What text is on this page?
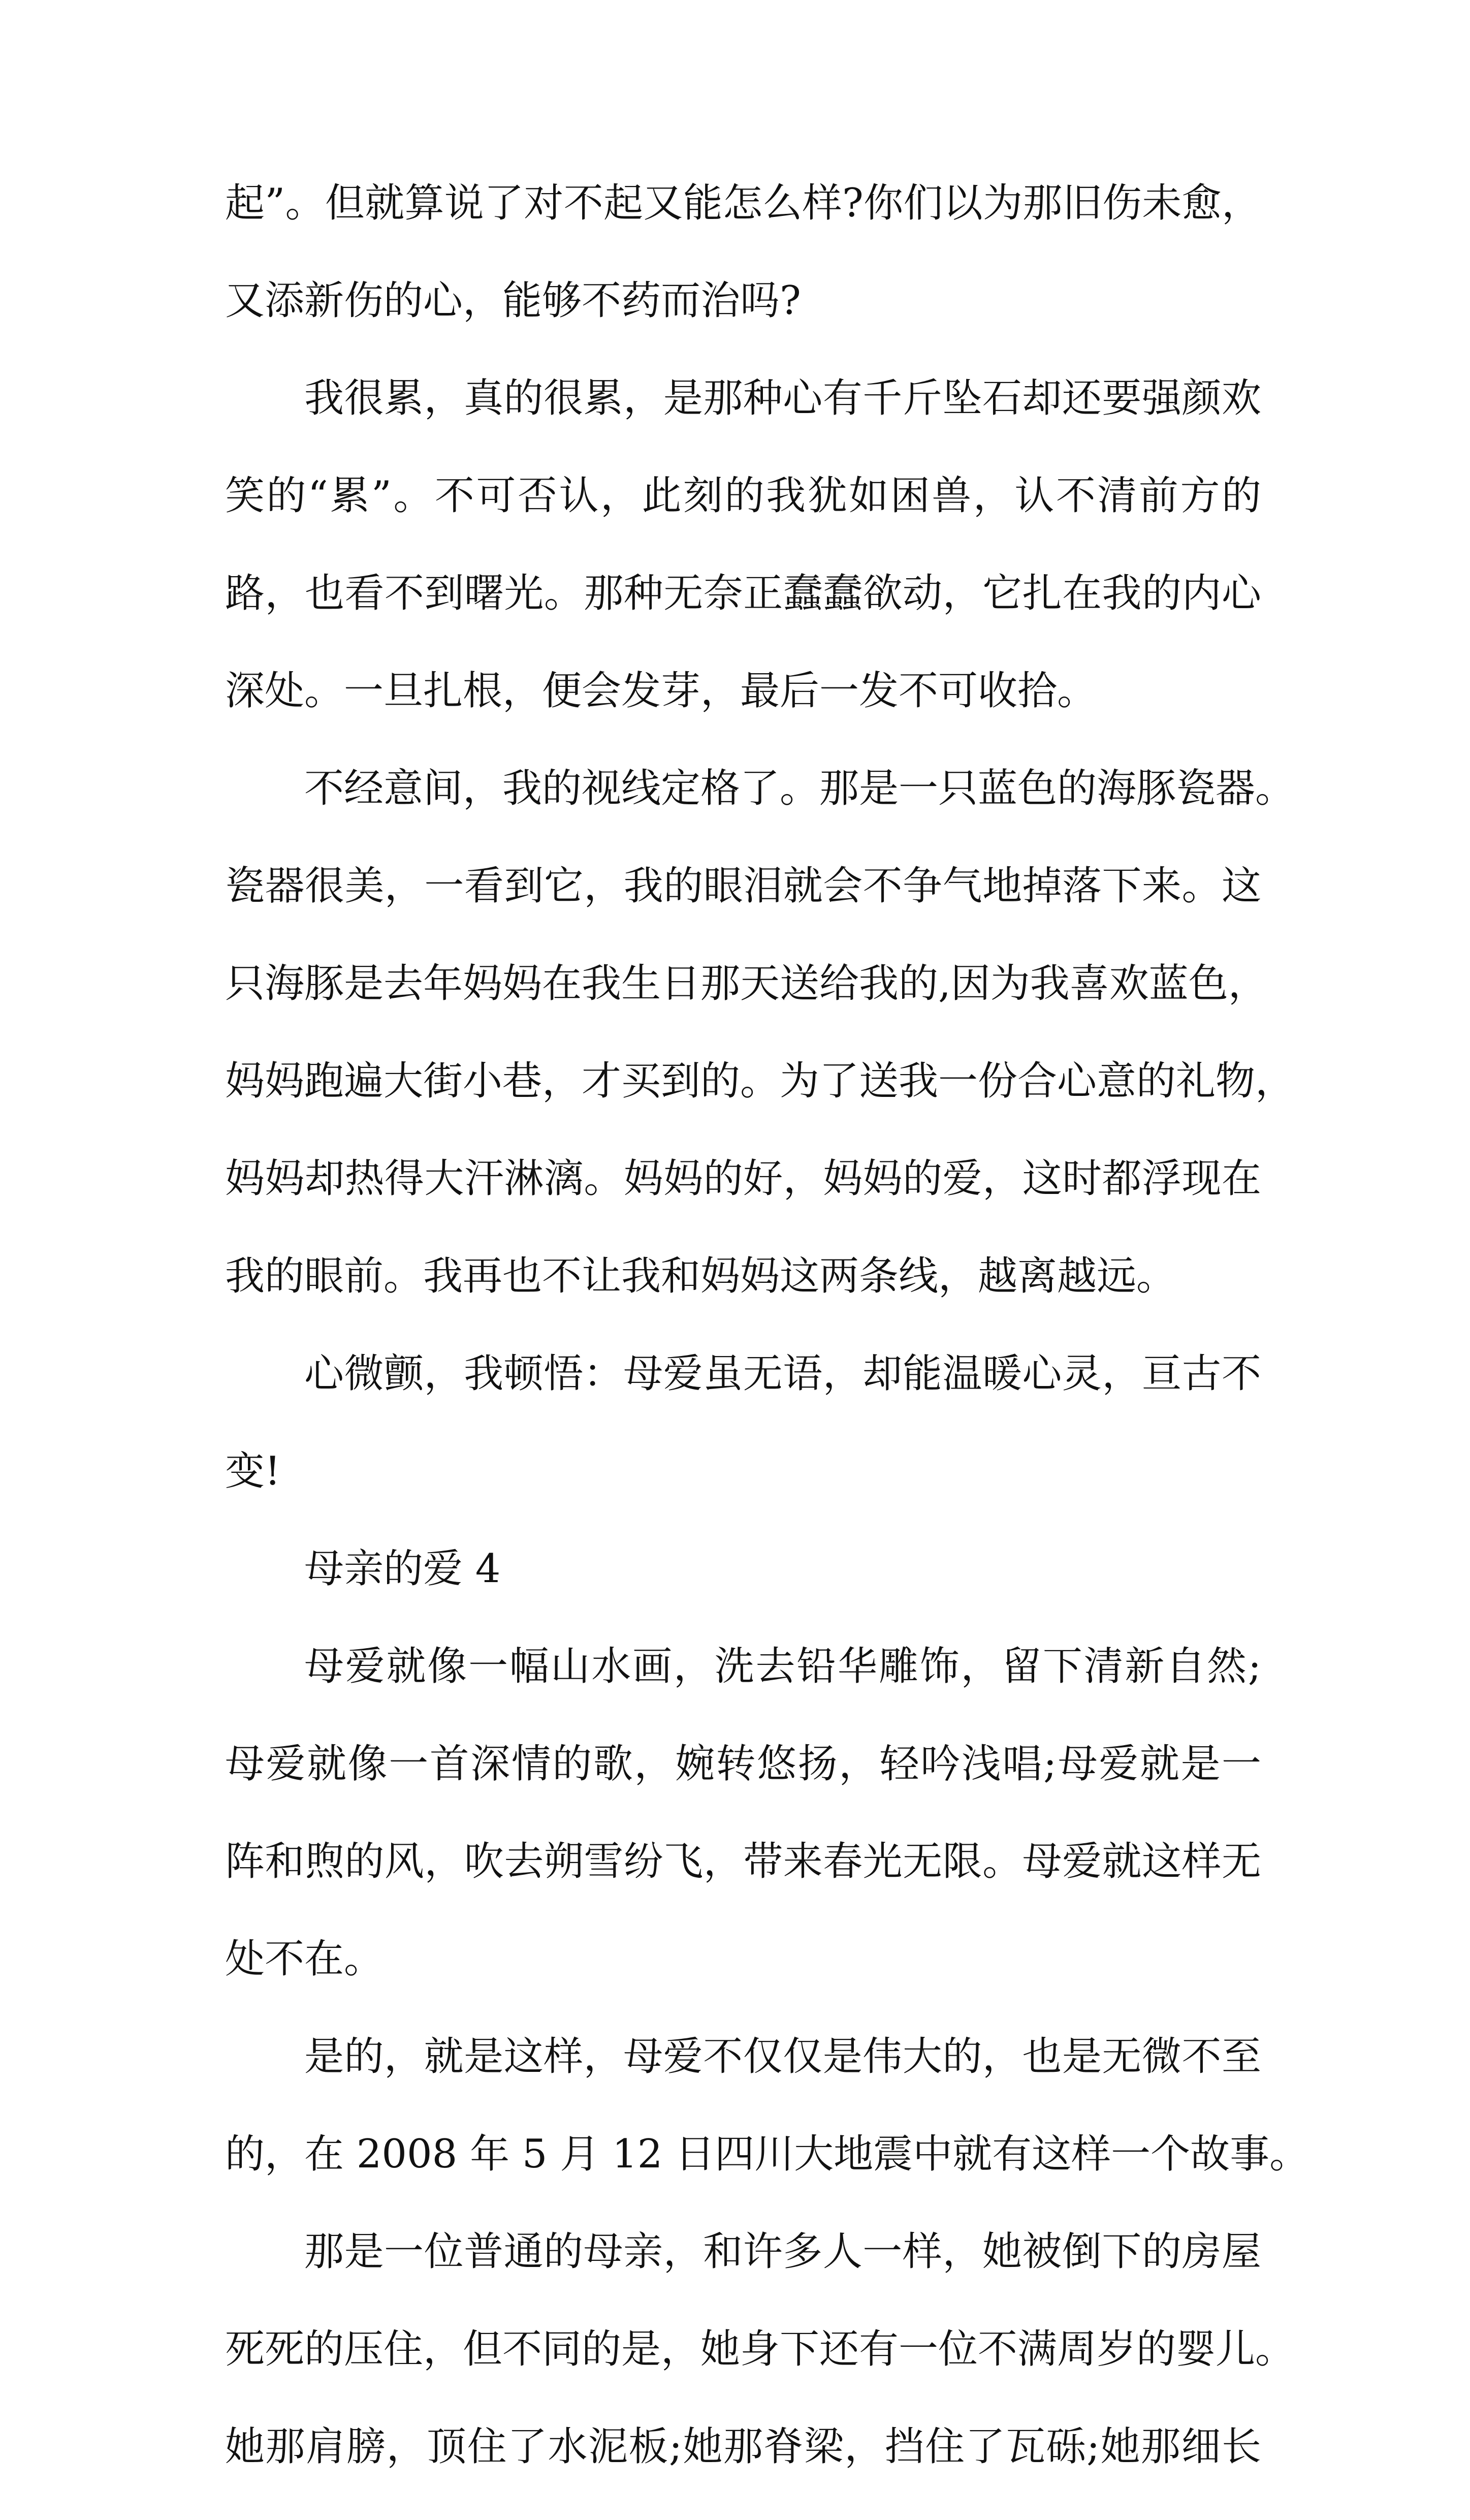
起”。但就算说了对不起又能怎么样?你们以为那旧伤未愈，
又添新伤的心，能够不药而治吗?
我很累，真的很累，是那种心有千斤坠石却还要强颜欢
笑的“累”。不可否认，此刻的我犹如困兽，认不清前方的
路，也看不到曙光。那种无奈正蠢蠢欲动，它扎在我的内心
深处。一旦扎根，便会发芽，最后一发不可收拾。
不经意间，我的视线定格了。那是一只蓝色的海豚瓷器。
瓷器很美，一看到它，我的眼泪就会不争气地掉落下来。这
只海豚是去年妈妈在我生日那天送给我的,因为我喜欢蓝色，
妈妈跑遍大街小巷，才买到的。为了送我一份合心意的礼物，
妈妈却热得大汗淋漓。妈妈的好，妈妈的爱，这时都浮现在
我的眼前。我再也不让我和妈妈这两条线，越离越远。
心微颤，我顿悟：母爱虽无语，却能温暖心灵，亘古不
变!
母亲的爱 4
母爱就像一幅山水画，洗去铅华雕饰，留下清新自然;
母爱就像一首深情的歌，婉转悠扬，轻吟浅唱;母爱就是一
阵和煦的风，吹去朔雪纷飞，带来春光无限。母爱就这样无
处不在。
是的，就是这样，母爱不仅仅是伟大的，也是无微不至
的，在 2008 年 5 月 12 日四川大地震中就有这样一个故事。
那是一位普通的母亲，和许多人一样，她被倒下的房屋
死死的压住，但不同的是，她身下还有一位不满周岁的婴儿。
她那肩膀，顶住了水泥板;她那脊梁，挡住了瓦砾;她那细长
